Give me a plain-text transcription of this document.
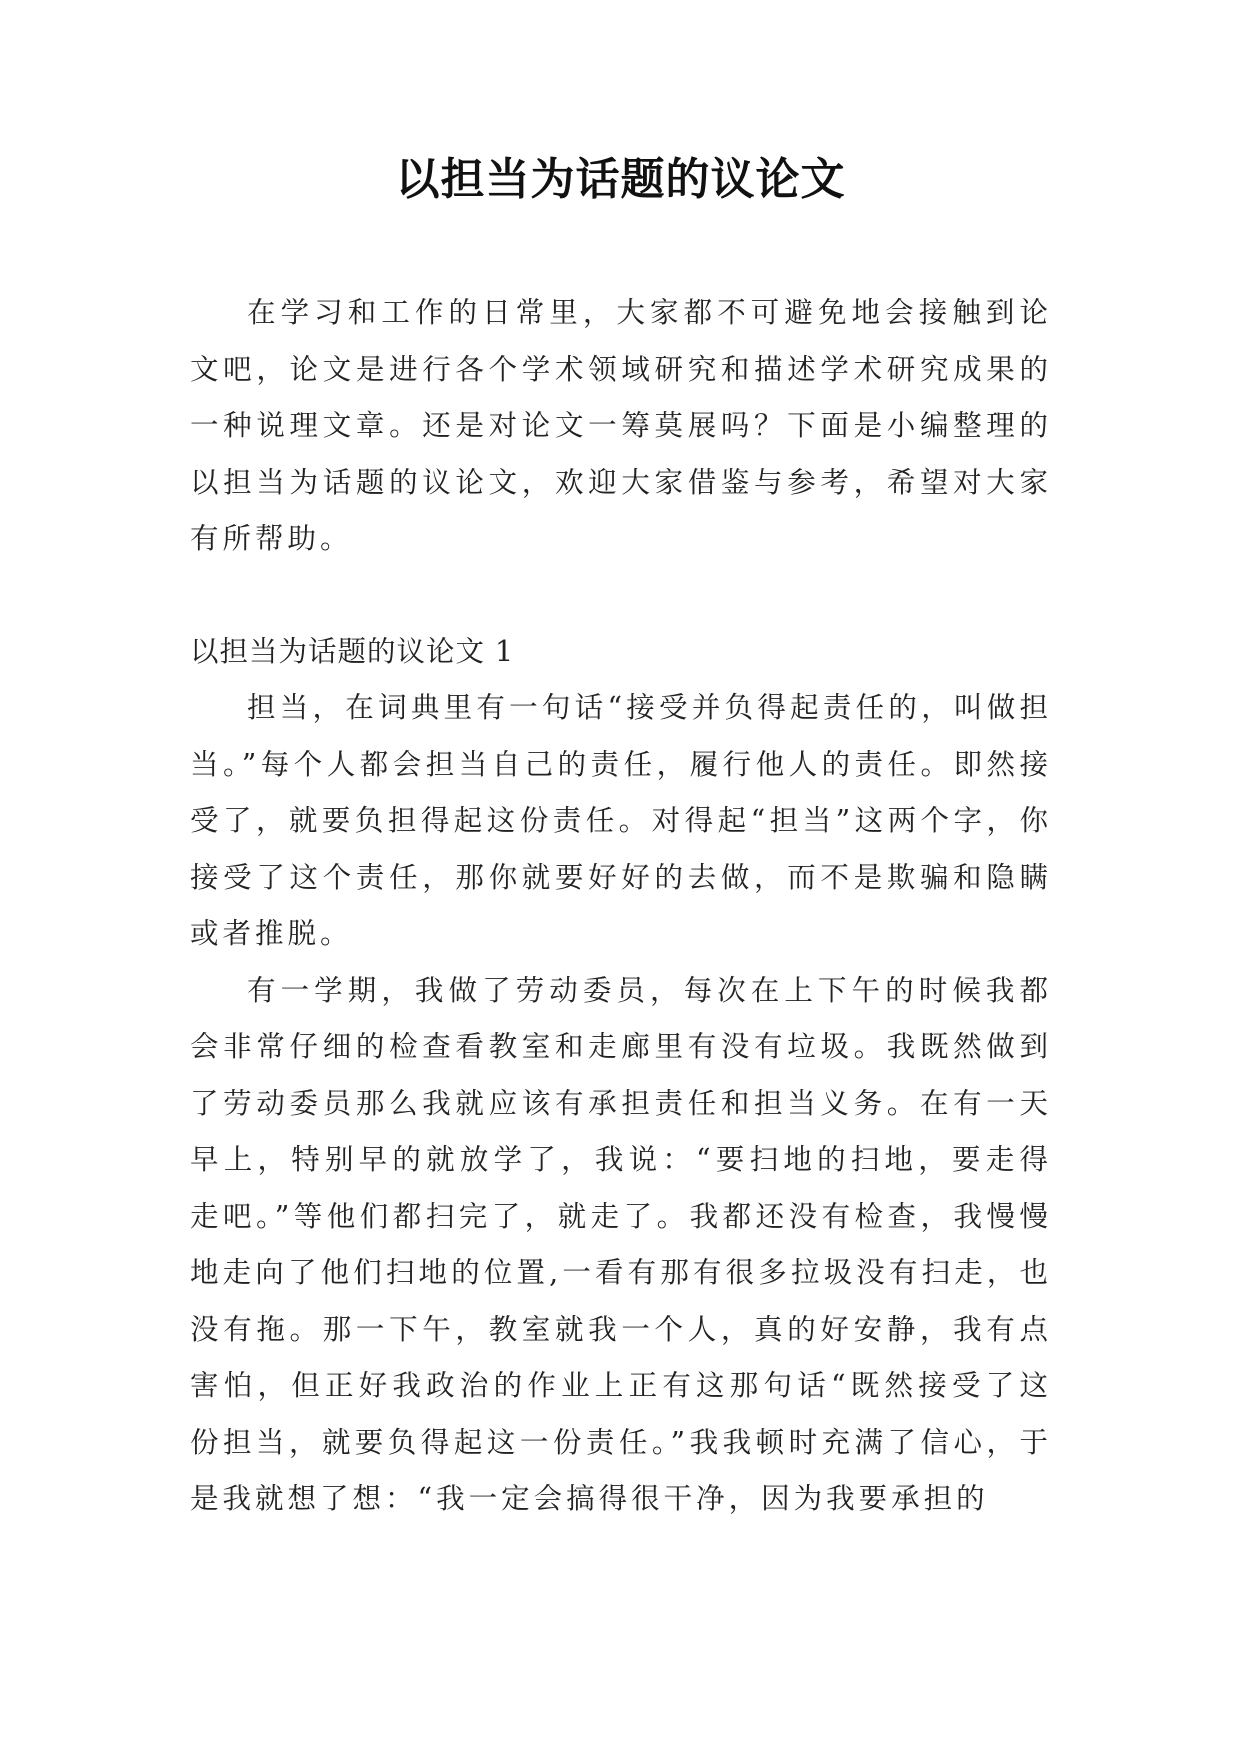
以担当为话题的议论文

在学习和工作的日常里，大家都不可避免地会接触到论文吧，论文是进行各个学术领域研究和描述学术研究成果的一种说理文章。还是对论文一筹莫展吗？下面是小编整理的以担当为话题的议论文，欢迎大家借鉴与参考，希望对大家有所帮助。

以担当为话题的议论文 1

担当，在词典里有一句话“接受并负得起责任的，叫做担当。”每个人都会担当自己的责任，履行他人的责任。即然接受了，就要负担得起这份责任。对得起“担当”这两个字，你接受了这个责任，那你就要好好的去做，而不是欺骗和隐瞒或者推脱。

有一学期，我做了劳动委员，每次在上下午的时候我都会非常仔细的检查看教室和走廊里有没有垃圾。我既然做到了劳动委员那么我就应该有承担责任和担当义务。在有一天早上，特别早的就放学了，我说：“要扫地的扫地，要走得走吧。”等他们都扫完了，就走了。我都还没有检查，我慢慢地走向了他们扫地的位置,一看有那有很多拉圾没有扫走，也没有拖。那一下午，教室就我一个人，真的好安静，我有点害怕，但正好我政治的作业上正有这那句话“既然接受了这份担当，就要负得起这一份责任。”我我顿时充满了信心，于是我就想了想：“我一定会搞得很干净，因为我要承担的
